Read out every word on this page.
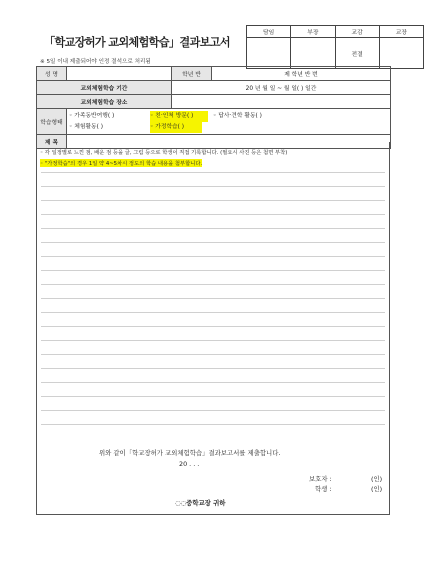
「학교장허가 교외체험학습」결과보고서
※ 5일 이내 제출되어야 인정 결석으로 처리됨
담임	부장	교감	교장
		전결	
성 명		학년 반	제 학년 반 번
교외체험학습 기간		20 년 월 일 ~ 월 일( ) 일간	
교외체험학습 장소			
학습형태	◦ 가족동반여행( ) ◦ 친·인척 방문( ) ◦ 답사·견학 활동( )
◦ 체험활동( ) ◦ 가정학습( )		

제 목			
◦ 각 일정별로 느낀 점, 배운 점 등을 글, 그림 등으로 학생이 직접 기록합니다. (필요시 사진 등은 첨면 부착)
◦ "가정학습"의 경우 1일 약 4~5차시 정도의 학습 내용을 첨부합니다.
위와 같이「학교장허가 교외체험학습」결과보고서를 제출합니다.
20 . . .
보호자 :	(인)
학생 :	(인)
◌◌중학교장 귀하
